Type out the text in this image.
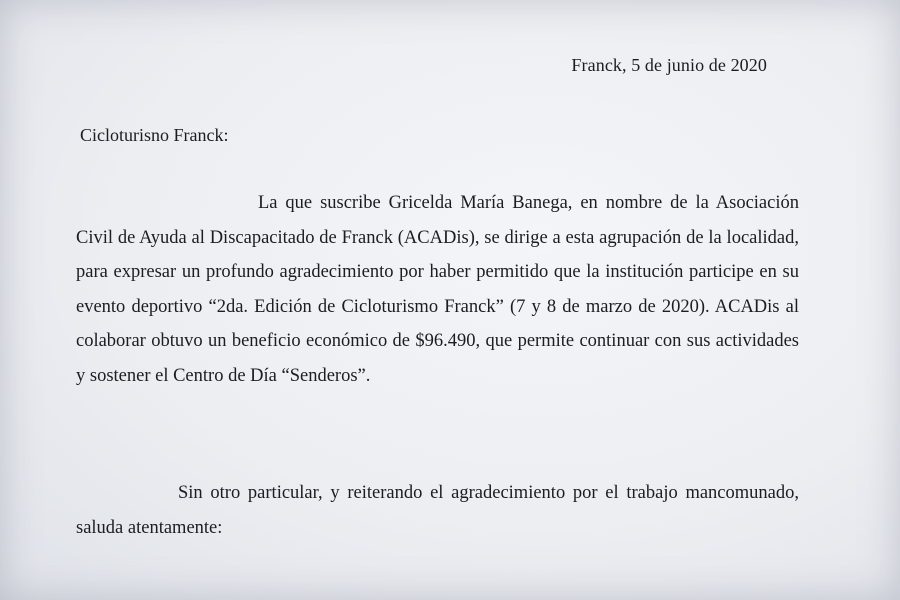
Franck, 5 de junio de 2020
Cicloturisno Franck:

La que suscribe Gricelda María Banega, en nombre de la Asociación Civil de Ayuda al Discapacitado de Franck (ACADis), se dirige a esta agrupación de la localidad, para expresar un profundo agradecimiento por haber permitido que la institución participe en su evento deportivo “2da. Edición de Cicloturismo Franck” (7 y 8 de marzo de 2020). ACADis al colaborar obtuvo un beneficio económico de $96.490, que permite continuar con sus actividades y sostener el Centro de Día “Senderos”.

Sin otro particular, y reiterando el agradecimiento por el trabajo mancomunado, saluda atentamente:
